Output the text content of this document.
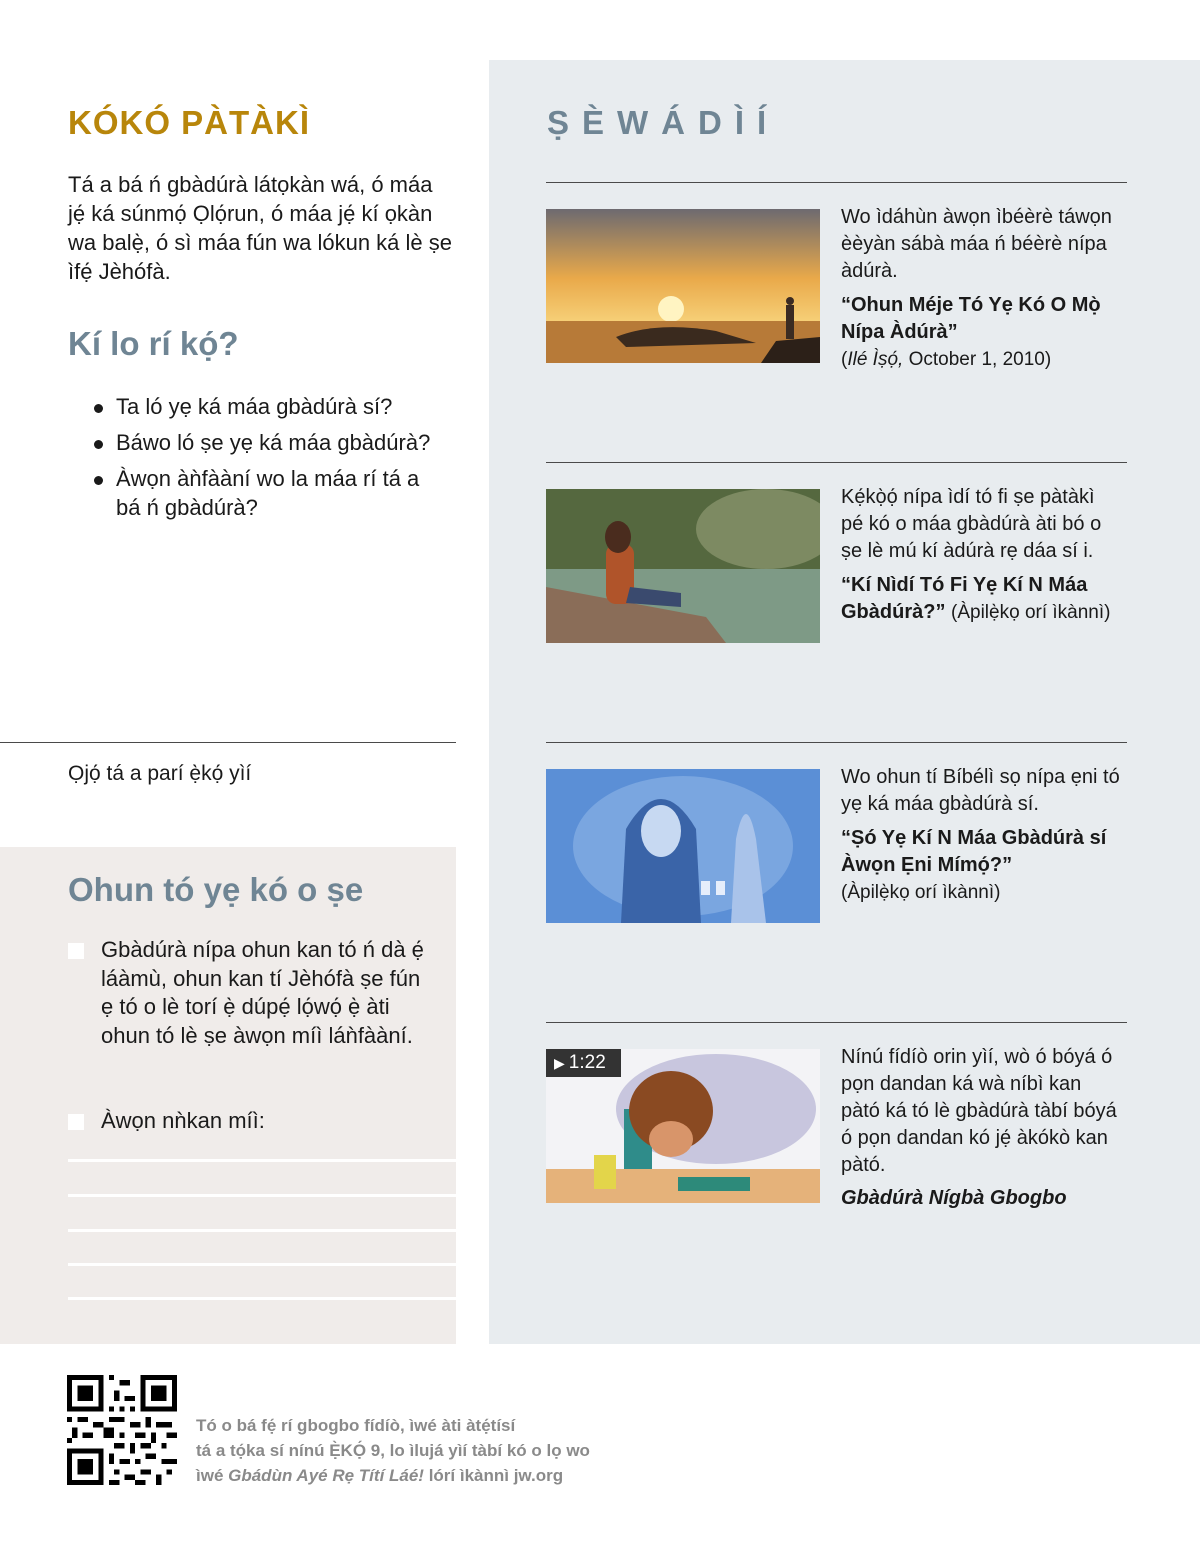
KÓKÓ PÀTÀKÌ

Tá a bá ń gbàdúrà látọkàn wá, ó máa jẹ́ ká súnmọ́ Ọlọ́run, ó máa jẹ́ kí ọkàn wa balẹ̀, ó sì máa fún wa lókun ká lè ṣe ìfẹ́ Jèhófà.

Kí lo rí kọ́?
Ta ló yẹ ká máa gbàdúrà sí?
Báwo ló ṣe yẹ ká máa gbàdúrà?
Àwọn àǹfààní wo la máa rí tá a bá ń gbàdúrà?

Ọjọ́ tá a parí ẹ̀kọ́ yìí

Ohun tó yẹ kó o ṣe

Gbàdúrà nípa ohun kan tó ń dà ẹ́ láàmù, ohun kan tí Jèhófà ṣe fún ẹ tó o lè torí ẹ̀ dúpẹ́ lọ́wọ́ ẹ̀ àti ohun tó lè ṣe àwọn míì láǹfààní.

Àwọn nǹkan míì:

ṢÈWÁDÌÍ

Wo ìdáhùn àwọn ìbéèrè táwọn èèyàn sábà máa ń béèrè nípa àdúrà.

“Ohun Méje Tó Yẹ Kó O Mọ̀ Nípa Àdúrà”
(Ilé Ìṣọ́, October 1, 2010)

Kẹ́kọ̀ọ́ nípa ìdí tó fi ṣe pàtàkì pé kó o máa gbàdúrà àti bó o ṣe lè mú kí àdúrà rẹ dáa sí i.

“Kí Nìdí Tó Fi Yẹ Kí N Máa Gbàdúrà?” (Àpilẹ̀kọ orí ìkànnì)

Wo ohun tí Bíbélì sọ nípa ẹni tó yẹ ká máa gbàdúrà sí.

“Ṣó Yẹ Kí N Máa Gbàdúrà sí Àwọn Ẹni Mímọ́?”
(Àpilẹ̀kọ orí ìkànnì)

▶ 1:22	Nínú fídíò orin yìí, wò ó bóyá ó pọn dandan ká wà níbì kan pàtó ká tó lè gbàdúrà tàbí bóyá ó pọn dandan kó jẹ́ àkókò kan pàtó.

Gbàdúrà Nígbà Gbogbo

Tó o bá fẹ́ rí gbogbo fídíò, ìwé àti àtẹ́tísí
tá a tọ́ka sí nínú Ẹ̀KỌ́ 9, lo ìlujá yìí tàbí kó o lọ wo
ìwé Gbádùn Ayé Rẹ Títí Láé! lórí ìkànnì jw.org
